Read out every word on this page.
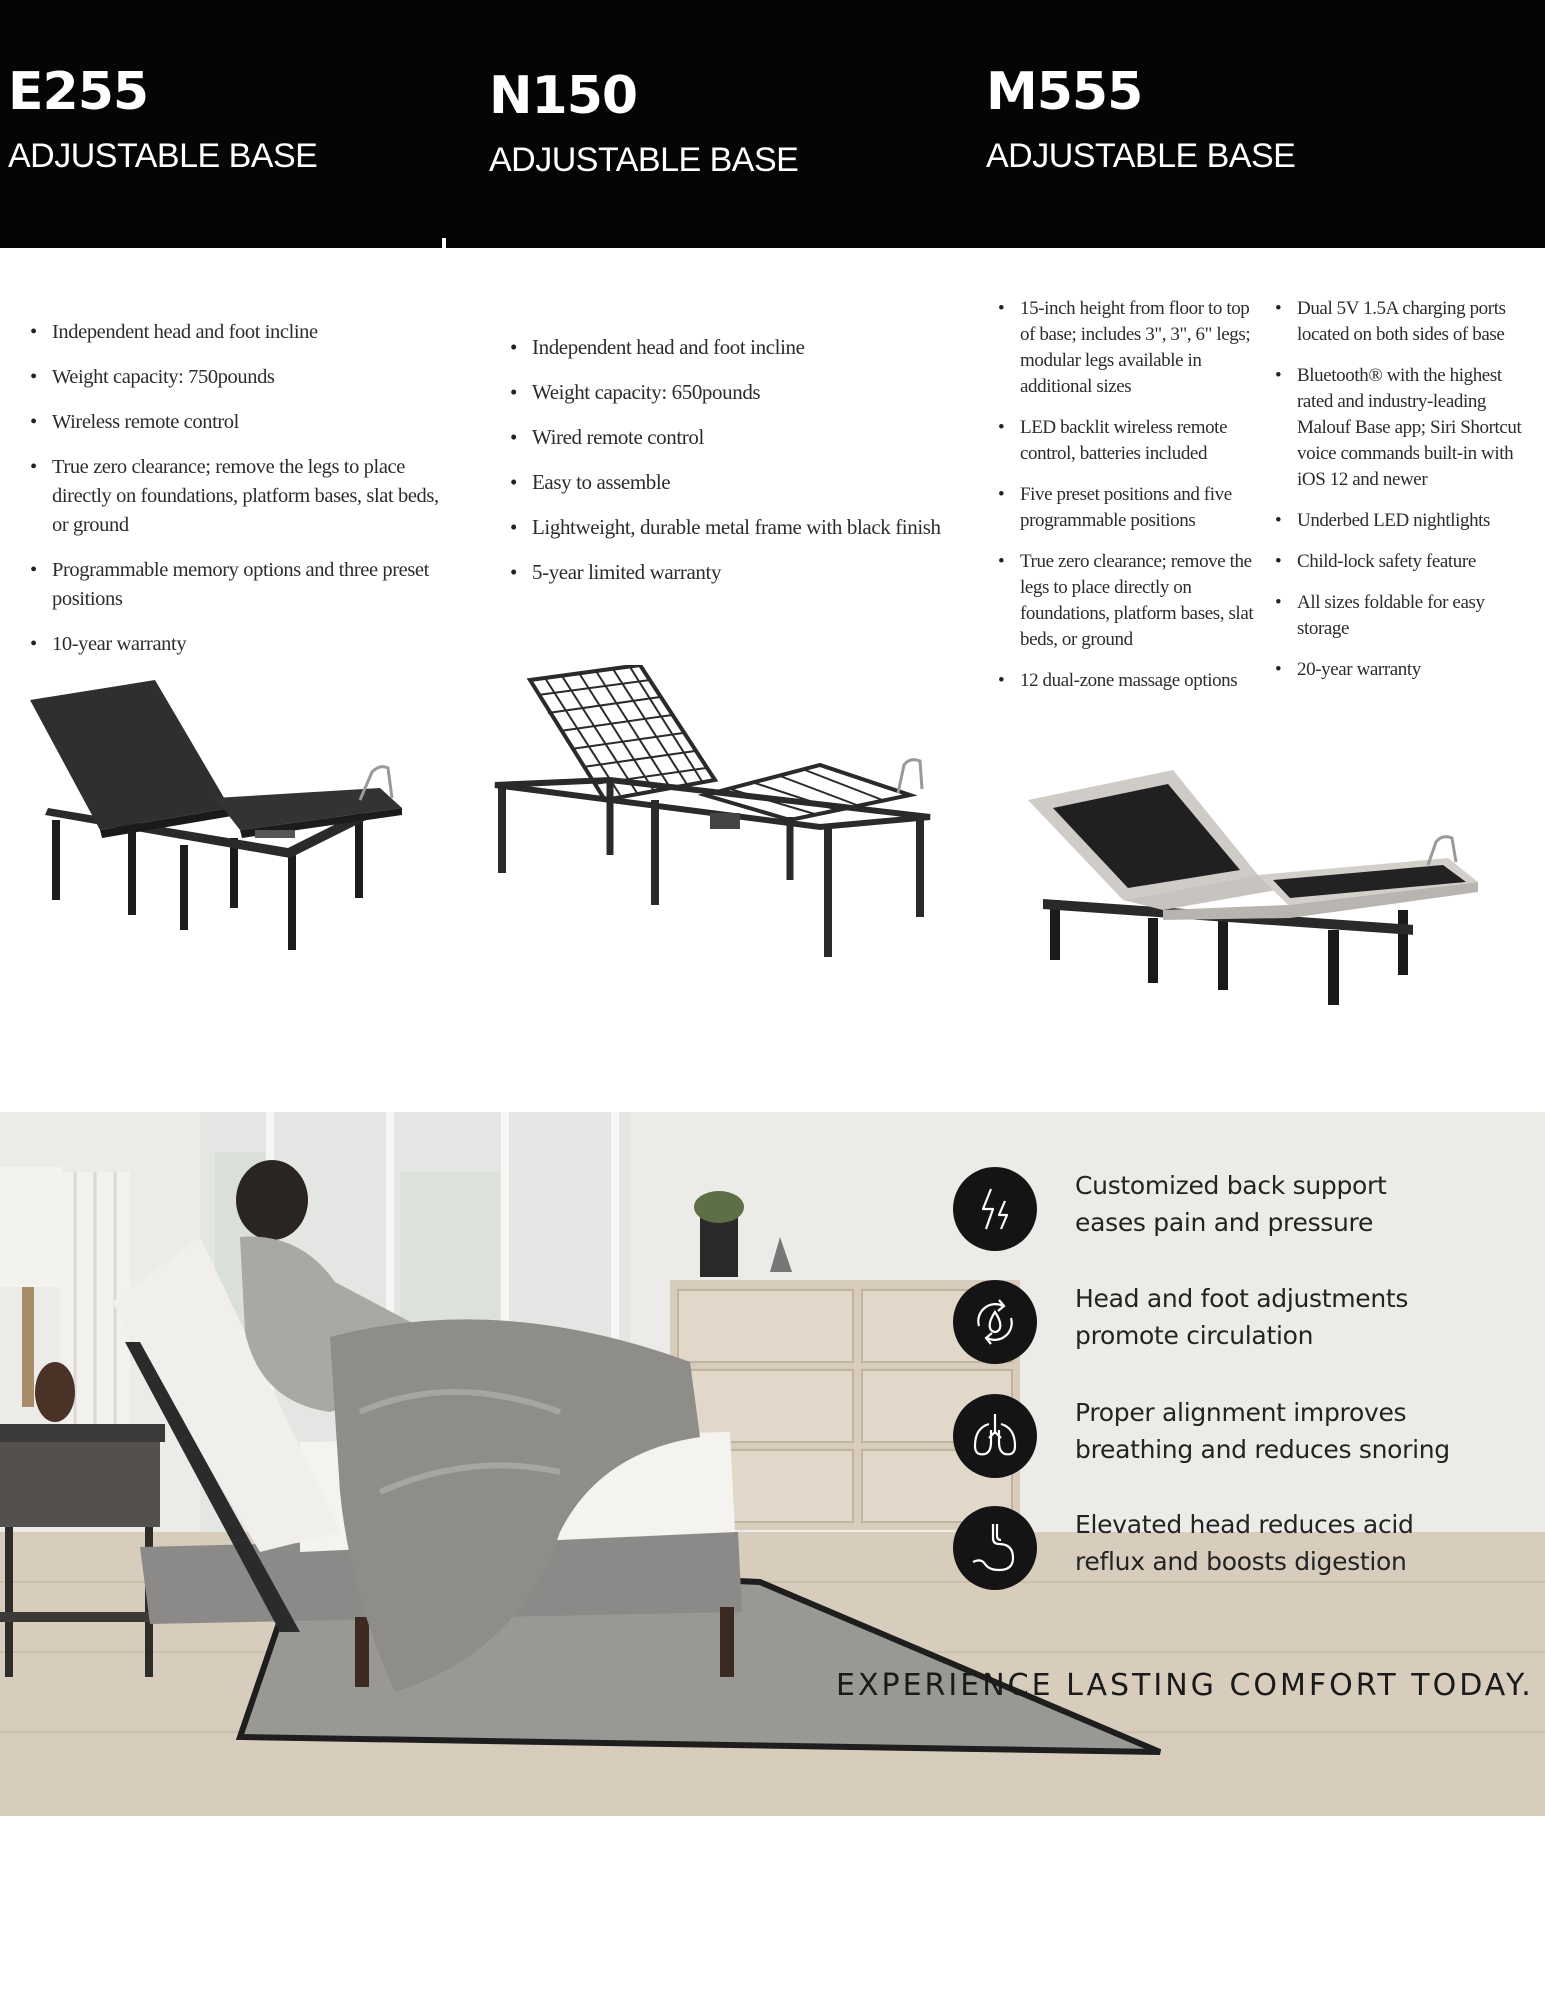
E255
ADJUSTABLE BASE
N150
ADJUSTABLE BASE
M555
ADJUSTABLE BASE
• Independent head and foot incline
• Weight capacity: 750pounds
• Wireless remote control
• True zero clearance; remove the legs to place directly on foundations, platform bases, slat beds, or ground
• Programmable memory options and three preset positions
• 10-year warranty
• Independent head and foot incline
• Weight capacity: 650pounds
• Wired remote control
• Easy to assemble
• Lightweight, durable metal frame with black finish
• 5-year limited warranty
• 15-inch height from floor to top of base; includes 3", 3", 6" legs; modular legs available in additional sizes
• LED backlit wireless remote control, batteries included
• Five preset positions and five programmable positions
• True zero clearance; remove the legs to place directly on foundations, platform bases, slat beds, or ground
• 12 dual-zone massage options
• Dual 5V 1.5A charging ports located on both sides of base
• Bluetooth® with the highest rated and industry-leading Malouf Base app; Siri Shortcut voice commands built-in with iOS 12 and newer
• Underbed LED nightlights
• Child-lock safety feature
• All sizes foldable for easy storage
• 20-year warranty
Customized back support
eases pain and pressure
Head and foot adjustments
promote circulation
Proper alignment improves
breathing and reduces snoring
Elevated head reduces acid
reflux and boosts digestion
EXPERIENCE LASTING COMFORT TODAY.
